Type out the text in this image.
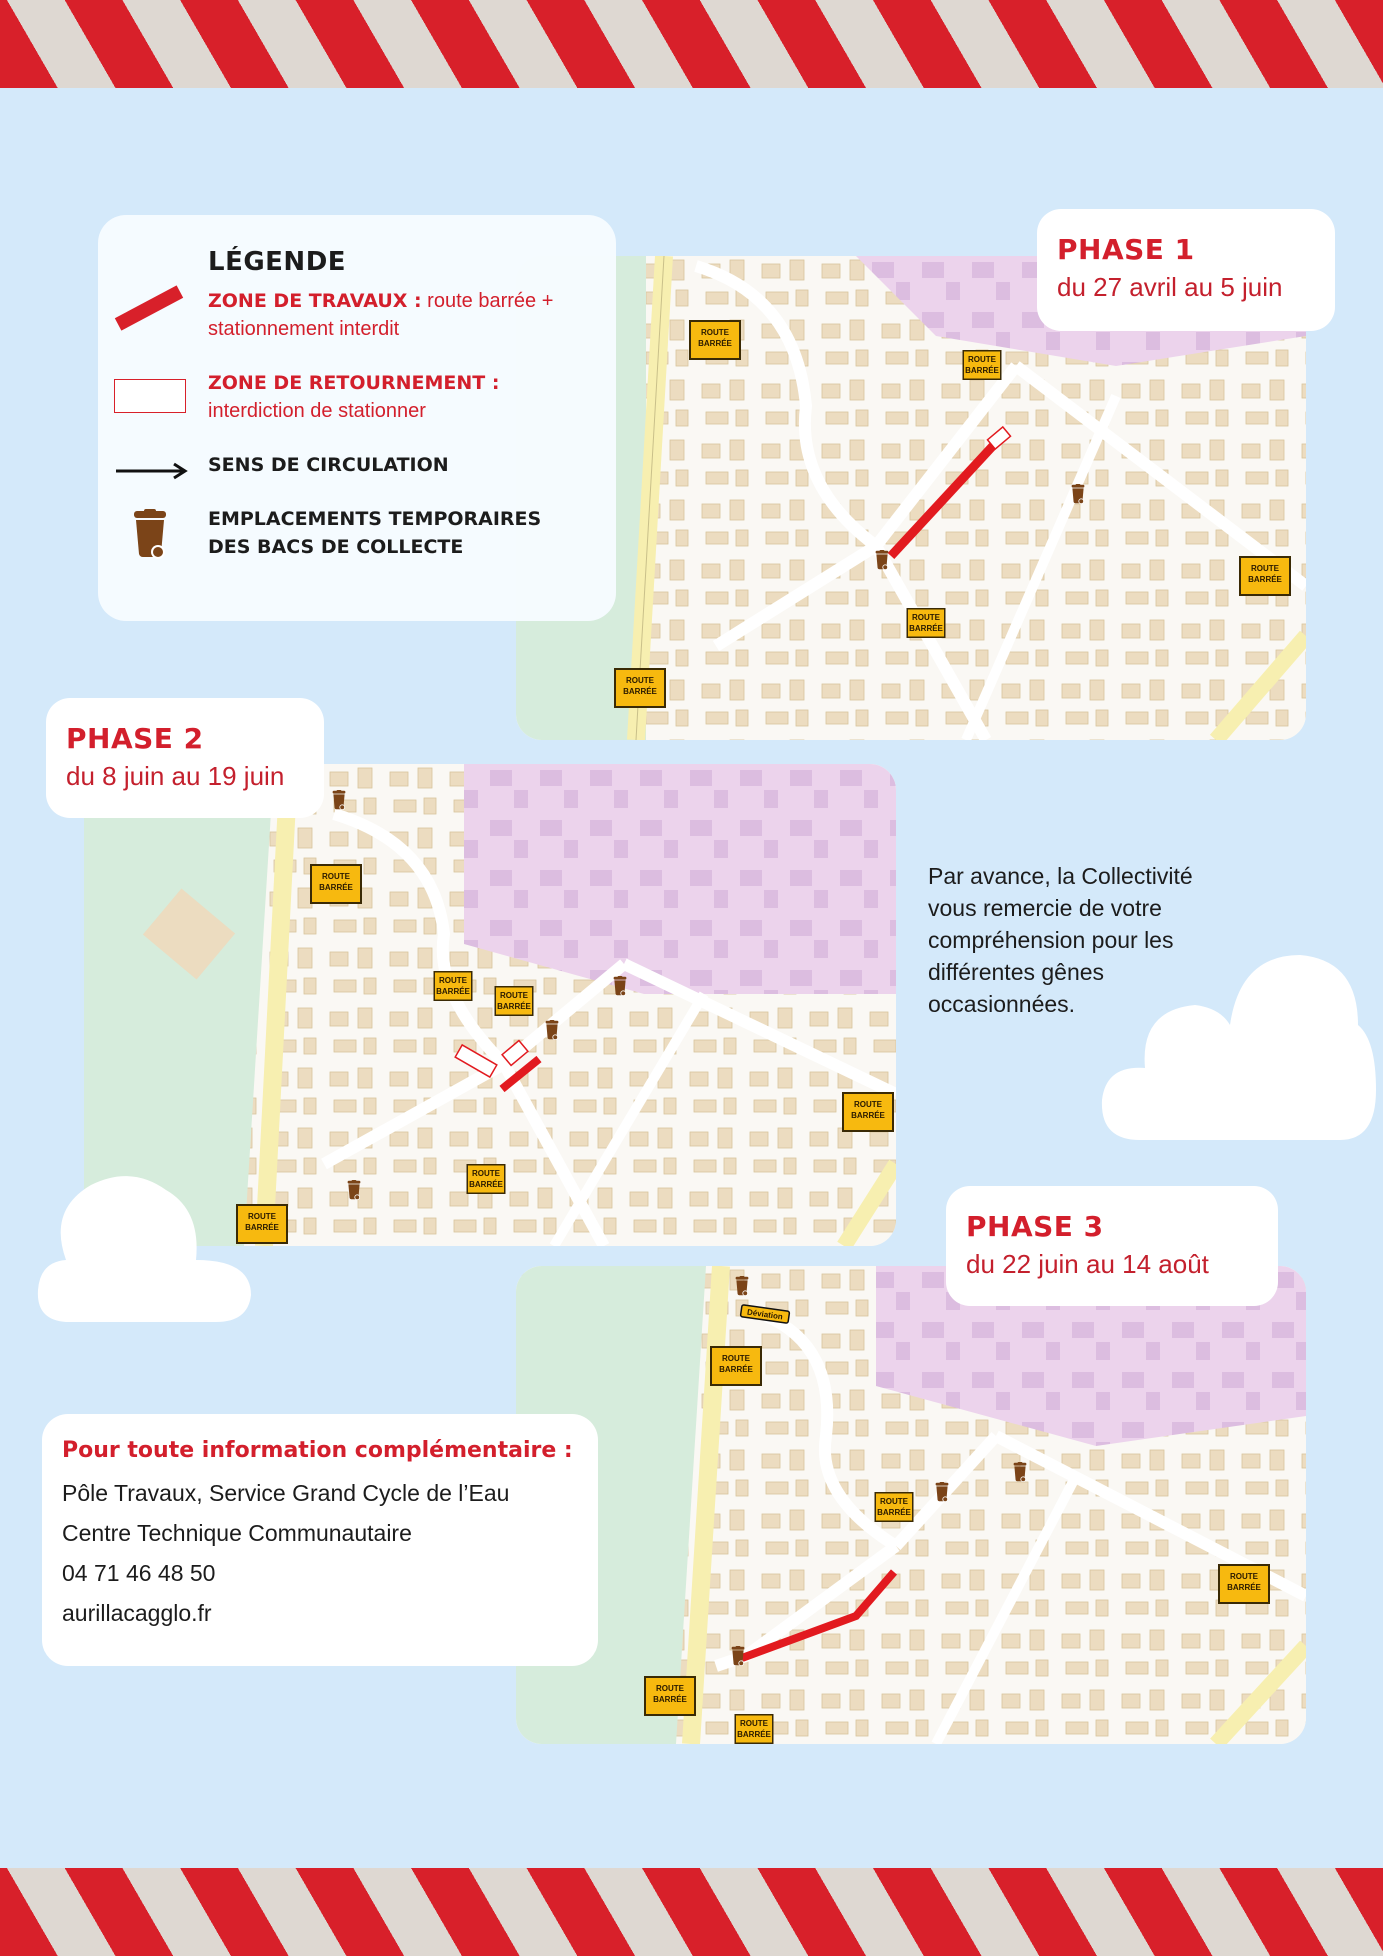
ROUTE
BARRÉE
ROUTE
BARRÉE
ROUTE
BARRÉE
ROUTE
BARRÉE
ROUTE
BARRÉE
LÉGENDE
ZONE DE TRAVAUX : route barrée +
stationnement interdit
ZONE DE RETOURNEMENT :
interdiction de stationner
SENS DE CIRCULATION
EMPLACEMENTS TEMPORAIRES
DES BACS DE COLLECTE
PHASE 1
du 27 avril au 5 juin
ROUTE
BARRÉE
ROUTE
BARRÉE	ROUTE
BARRÉE
ROUTE
BARRÉE
ROUTE
BARRÉE
ROUTE
BARRÉE
PHASE 2
du 8 juin au 19 juin
Par avance, la Collectivité
vous remercie de votre
compréhension pour les
différentes gênes
occasionnées.
Déviation
ROUTE
BARRÉE
ROUTE
BARRÉE
ROUTE
BARRÉE
ROUTE
BARRÉE
ROUTE
BARRÉE
PHASE 3
du 22 juin au 14 août
Pour toute information complémentaire :
Pôle Travaux, Service Grand Cycle de l’Eau
Centre Technique Communautaire
04 71 46 48 50
aurillacagglo.fr
